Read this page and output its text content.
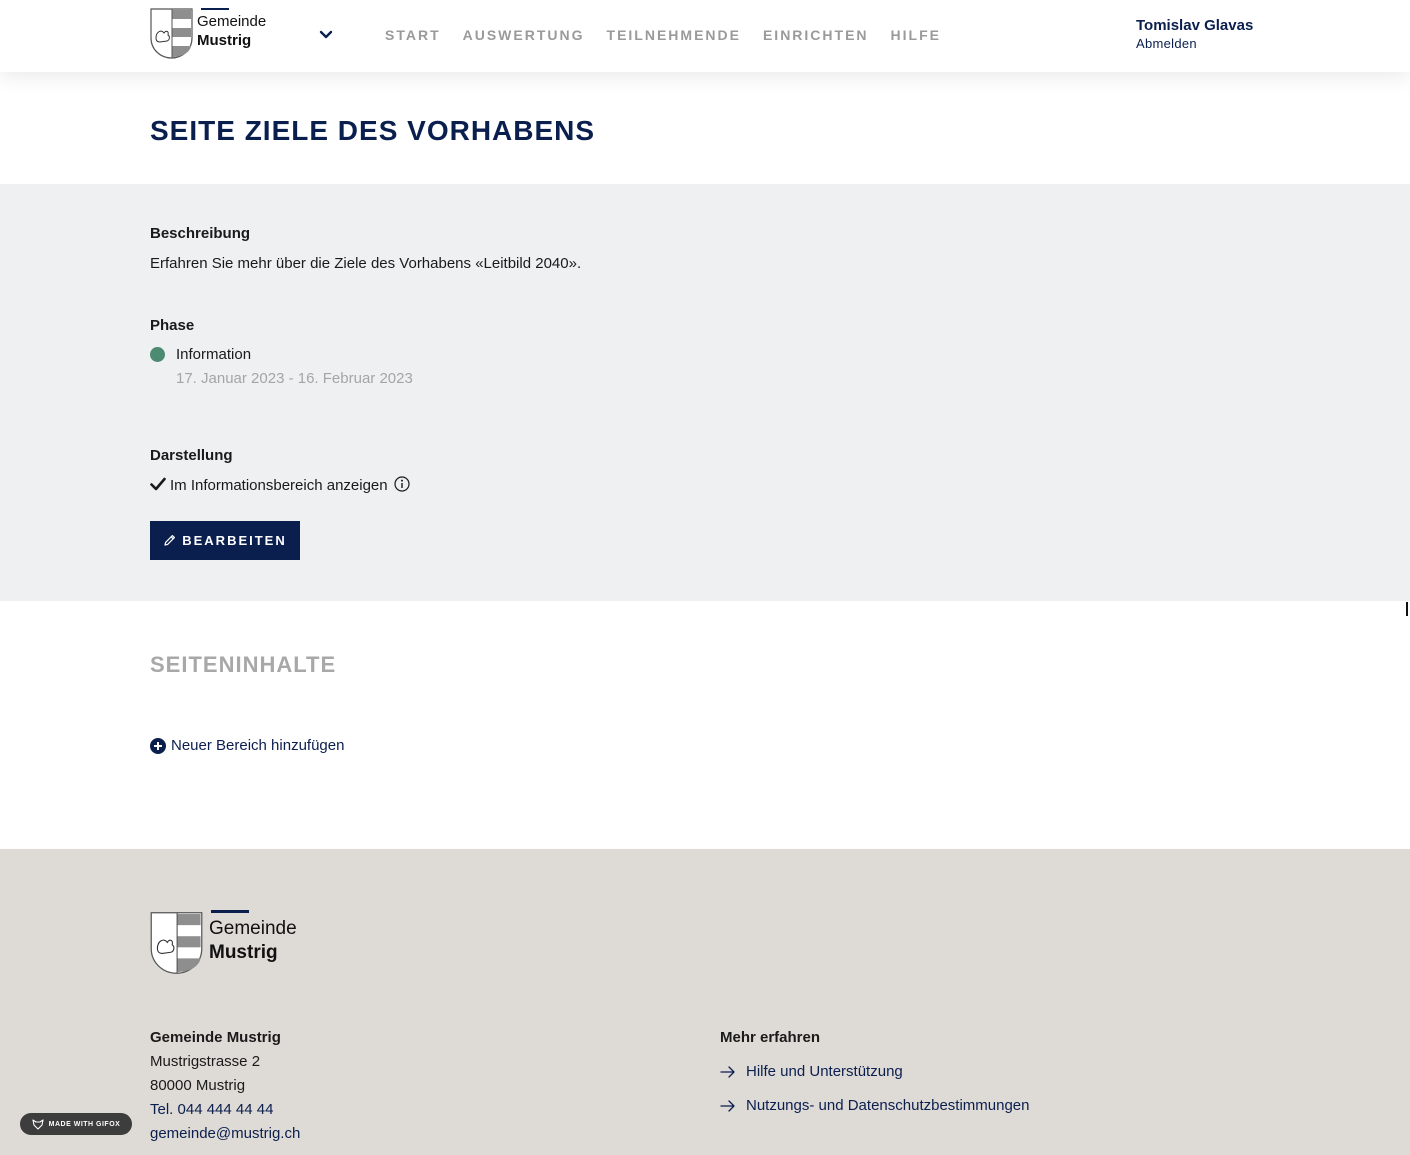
Gemeinde
Mustrig	START AUSWERTUNG TEILNEHMENDE EINRICHTEN HILFE
Tomislav Glavas
Abmelden
SEITE ZIELE DES VORHABENS
Beschreibung
Erfahren Sie mehr über die Ziele des Vorhabens «Leitbild 2040».
Phase
Information
17. Januar 2023 - 16. Februar 2023
Darstellung
Im Informationsbereich anzeigen
BEARBEITEN
SEITENINHALTE
Neuer Bereich hinzufügen
Gemeinde
Mustrig
Gemeinde Mustrig
Mustrigstrasse 2
80000 Mustrig
Tel. 044 444 44 44
gemeinde@mustrig.ch
Mehr erfahren
Hilfe und Unterstützung
Nutzungs- und Datenschutzbestimmungen
MADE WITH GIFOX
